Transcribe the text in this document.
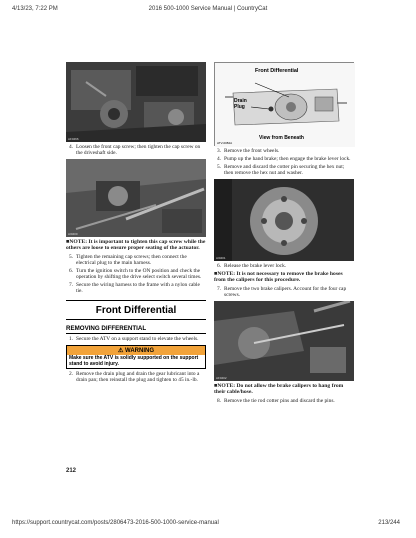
4/13/23, 7:22 PM	2016 500-1000 Service Manual | CountryCat
AF0466
4. Loosen the front cap screw; then tighten the cap screw on the driveshaft side.
AI0400
■NOTE: It is important to tighten this cap screw while the others are loose to ensure proper seating of the actuator.
5. Tighten the remaining cap screws; then connect the electrical plug to the main harness.
6. Turn the ignition switch to the ON position and check the operation by shifting the drive select switch several times.
7. Secure the wiring harness to the frame with a nylon cable tie.
Front Differential
REMOVING DIFFERENTIAL
1. Secure the ATV on a support stand to elevate the wheels.
⚠ WARNING
Make sure the ATV is solidly supported on the support stand to avoid injury.
2. Remove the drain plug and drain the gear lubricant into a drain pan; then reinstall the plug and tighten to 45 in.-lb.
Front Differential
Drain
Plug
View from Beneath
ATV-0082A
3. Remove the front wheels.
4. Pump up the hand brake; then engage the brake lever lock.
5. Remove and discard the cotter pin securing the hex nut; then remove the hex nut and washer.
AI0401
6. Release the brake lever lock.
■NOTE: It is not necessary to remove the brake hoses from the calipers for this procedure.
7. Remove the two brake calipers. Account for the four cap screws.
AF0402
■NOTE: Do not allow the brake calipers to hang from their cable/hose.
8. Remove the tie rod cotter pins and discard the pins.
212
https://support.countrycat.com/posts/2806473-2016-500-1000-service-manual	213/244
